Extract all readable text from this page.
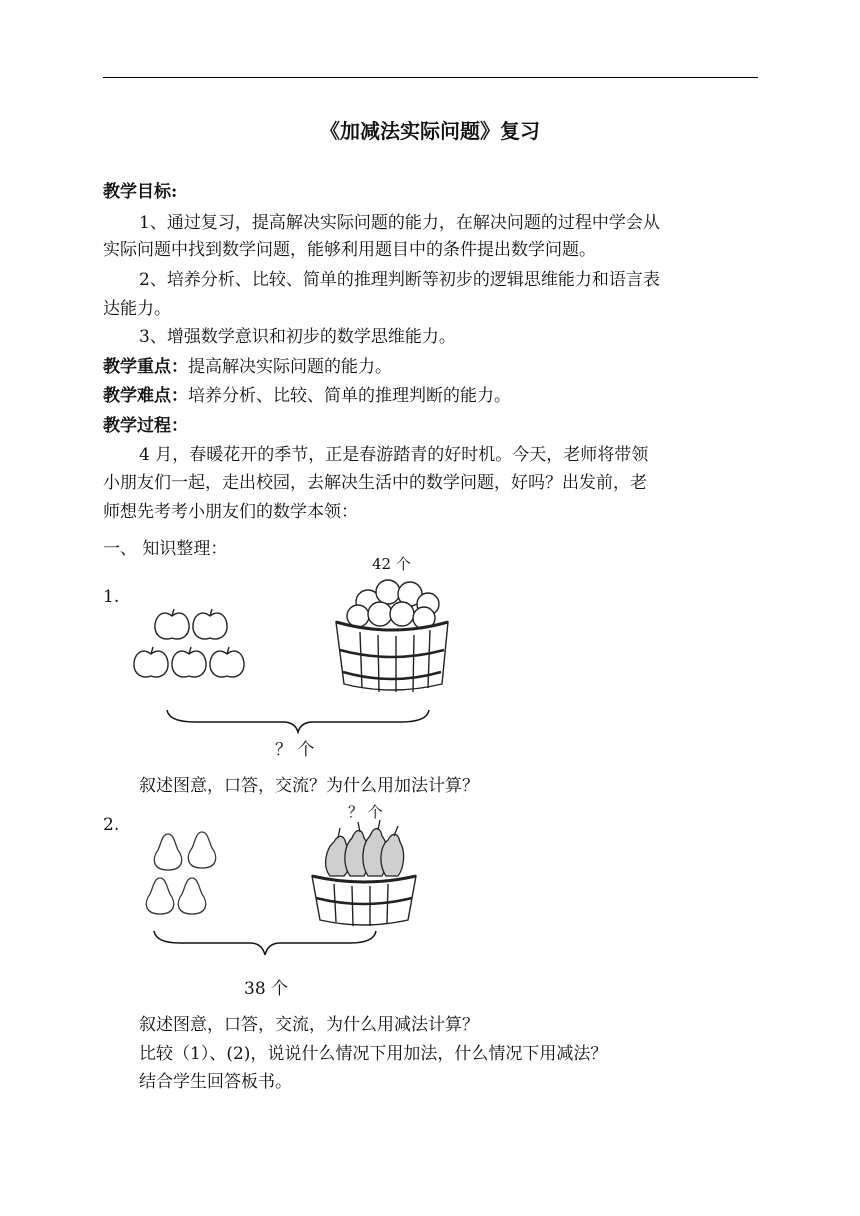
《加减法实际问题》复习
教学目标:
1、通过复习，提高解决实际问题的能力，在解决问题的过程中学会从
实际问题中找到数学问题，能够利用题目中的条件提出数学问题。
2、培养分析、比较、简单的推理判断等初步的逻辑思维能力和语言表
达能力。
3、增强数学意识和初步的数学思维能力。
教学重点：提高解决实际问题的能力。
教学难点：培养分析、比较、简单的推理判断的能力。
教学过程：
4 月，春暖花开的季节，正是春游踏青的好时机。今天，老师将带领
小朋友们一起，走出校园，去解决生活中的数学问题，好吗？出发前，老
师想先考考小朋友们的数学本领：
一、 知识整理：
1.
42 个
？ 个
叙述图意，口答，交流？为什么用加法计算？
？ 个
2.
38 个
叙述图意，口答，交流，为什么用减法计算？
比较（1）、(2)，说说什么情况下用加法，什么情况下用减法？
结合学生回答板书。
